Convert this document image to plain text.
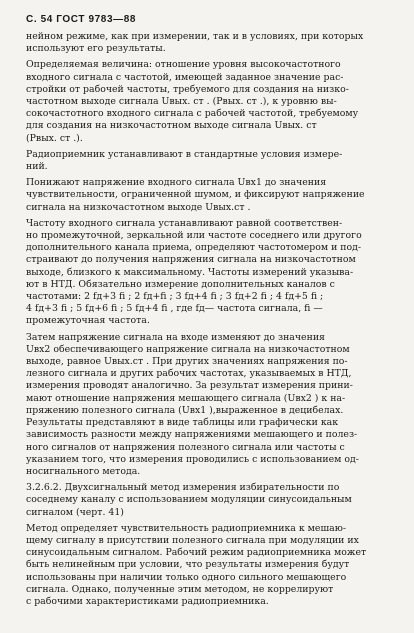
С. 54 ГОСТ 9783—88
нейном режиме, как при измерении, так и в условиях, при которых
используют его результаты.
Определяемая величина: отношение уровня высокочастотного
входного сигнала с частотой, имеющей заданное значение рас-
стройки от рабочей частоты, требуемого для создания на низко-
частотном выходе сигнала Uвых. ст . (Pвых. ст .), к уровню вы-
сокочастотного входного сигнала с рабочей частотой, требуемому
для создания на низкочастотном выходе сигнала Uвых. ст
(Pвых. ст .).
Радиоприемник устанавливают в стандартные условия измере-
ний.
Понижают напряжение входного сигнала Uвх1 до значения
чувствительности, ограниченной шумом, и фиксируют напряжение
сигнала на низкочастотном выходе Uвых.ст .
Частоту входного сигнала устанавливают равной соответствен-
но промежуточной, зеркальной или частоте соседнего или другого
дополнительного канала приема, определяют частотомером и под-
страивают до получения напряжения сигнала на низкочастотном
выходе, близкого к максимальному. Частоты измерений указыва-
ют в НТД. Обязательно измерение дополнительных каналов с
частотами: 2 fд+3 fi ; 2 fд+fi ; 3 fд+4 fi ; 3 fд+2 fi ; 4 fд+5 fi ;
4 fд+3 fi ; 5 fд+6 fi ; 5 fд+4 fi , где fд— частота сигнала, fi —
промежуточная частота.
Затем напряжение сигнала на входе изменяют до значения
Uвх2 обеспечивающего напряжение сигнала на низкочастотном
выходе, равное Uвых.ст . При других значениях напряжения по-
лезного сигнала и других рабочих частотах, указываемых в НТД,
измерения проводят аналогично. За результат измерения прини-
мают отношение напряжения мешающего сигнала (Uвх2 ) к на-
пряжению полезного сигнала (Uвх1 ),выраженное в децибелах.
Результаты представляют в виде таблицы или графически как
зависимость разности между напряжениями мешающего и полез-
ного сигналов от напряжения полезного сигнала или частоты с
указанием того, что измерения проводились с использованием од-
носигнального метода.
3.2.6.2. Двухсигнальный метод измерения избирательности по
соседнему каналу с использованием модуляции синусоидальным
сигналом (черт. 41)
Метод определяет чувствительность радиоприемника к мешаю-
щему сигналу в присутствии полезного сигнала при модуляции их
синусоидальным сигналом. Рабочий режим радиоприемника может
быть нелинейным при условии, что результаты измерения будут
использованы при наличии только одного сильного мешающего
сигнала. Однако, полученные этим методом, не коррелируют
с рабочими характеристиками радиоприемника.
